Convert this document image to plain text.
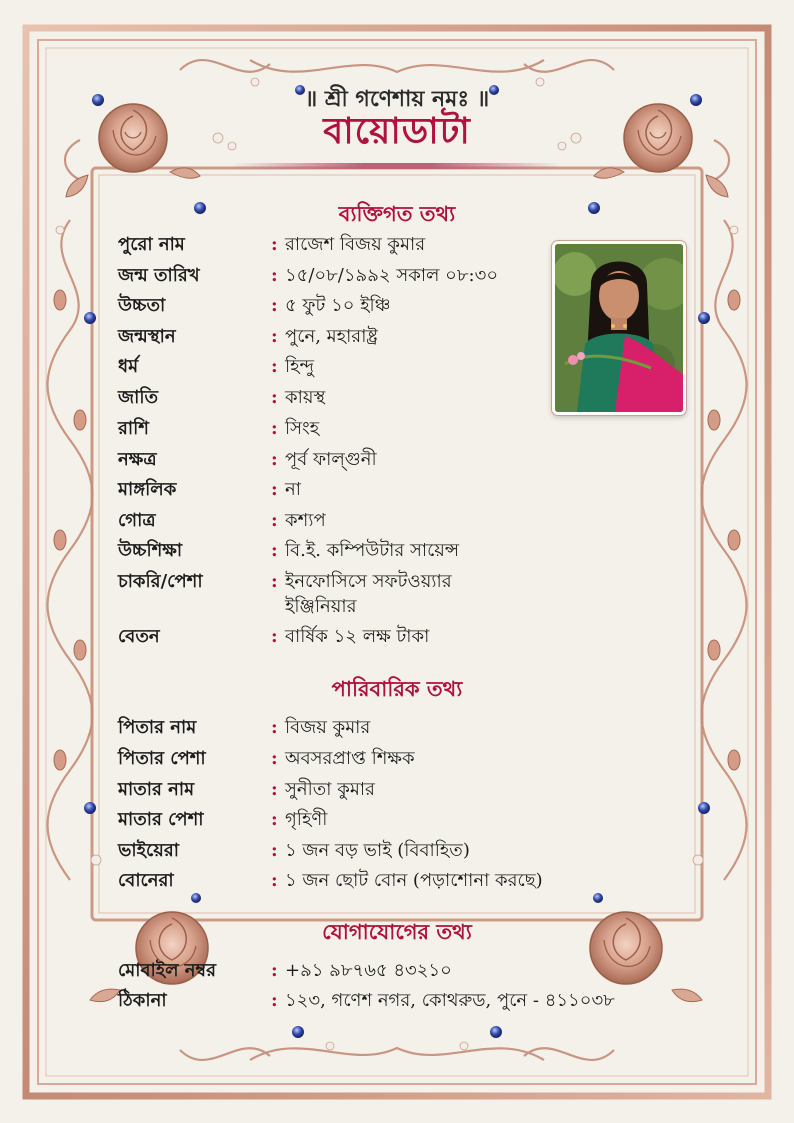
॥ শ্রী গণেশায় নমঃ ॥
বায়োডাটা
ব্যক্তিগত তথ্য
পুরো নাম	: রাজেশ বিজয় কুমার
জন্ম তারিখ	: ১৫/০৮/১৯৯২ সকাল ০৮:৩০
উচ্চতা	: ৫ ফুট ১০ ইঞ্চি
জন্মস্থান	: পুনে, মহারাষ্ট্র
ধর্ম	: হিন্দু
জাতি	: কায়স্থ
রাশি	: সিংহ
নক্ষত্র	: পূর্ব ফাল্গুনী
মাঙ্গলিক	: না
গোত্র	: কশ্যপ
উচ্চশিক্ষা	: বি.ই. কম্পিউটার সায়েন্স
চাকরি/পেশা	: ইনফোসিসে সফটওয়্যার
ইঞ্জিনিয়ার
বেতন	: বার্ষিক ১২ লক্ষ টাকা
পারিবারিক তথ্য
পিতার নাম	: বিজয় কুমার
পিতার পেশা	: অবসরপ্রাপ্ত শিক্ষক
মাতার নাম	: সুনীতা কুমার
মাতার পেশা	: গৃহিণী
ভাইয়েরা	: ১ জন বড় ভাই (বিবাহিত)
বোনেরা	: ১ জন ছোট বোন (পড়াশোনা করছে)
যোগাযোগের তথ্য
মোবাইল নম্বর	: +৯১ ৯৮৭৬৫ ৪৩২১০
ঠিকানা	: ১২৩, গণেশ নগর, কোথরুড, পুনে - ৪১১০৩৮
